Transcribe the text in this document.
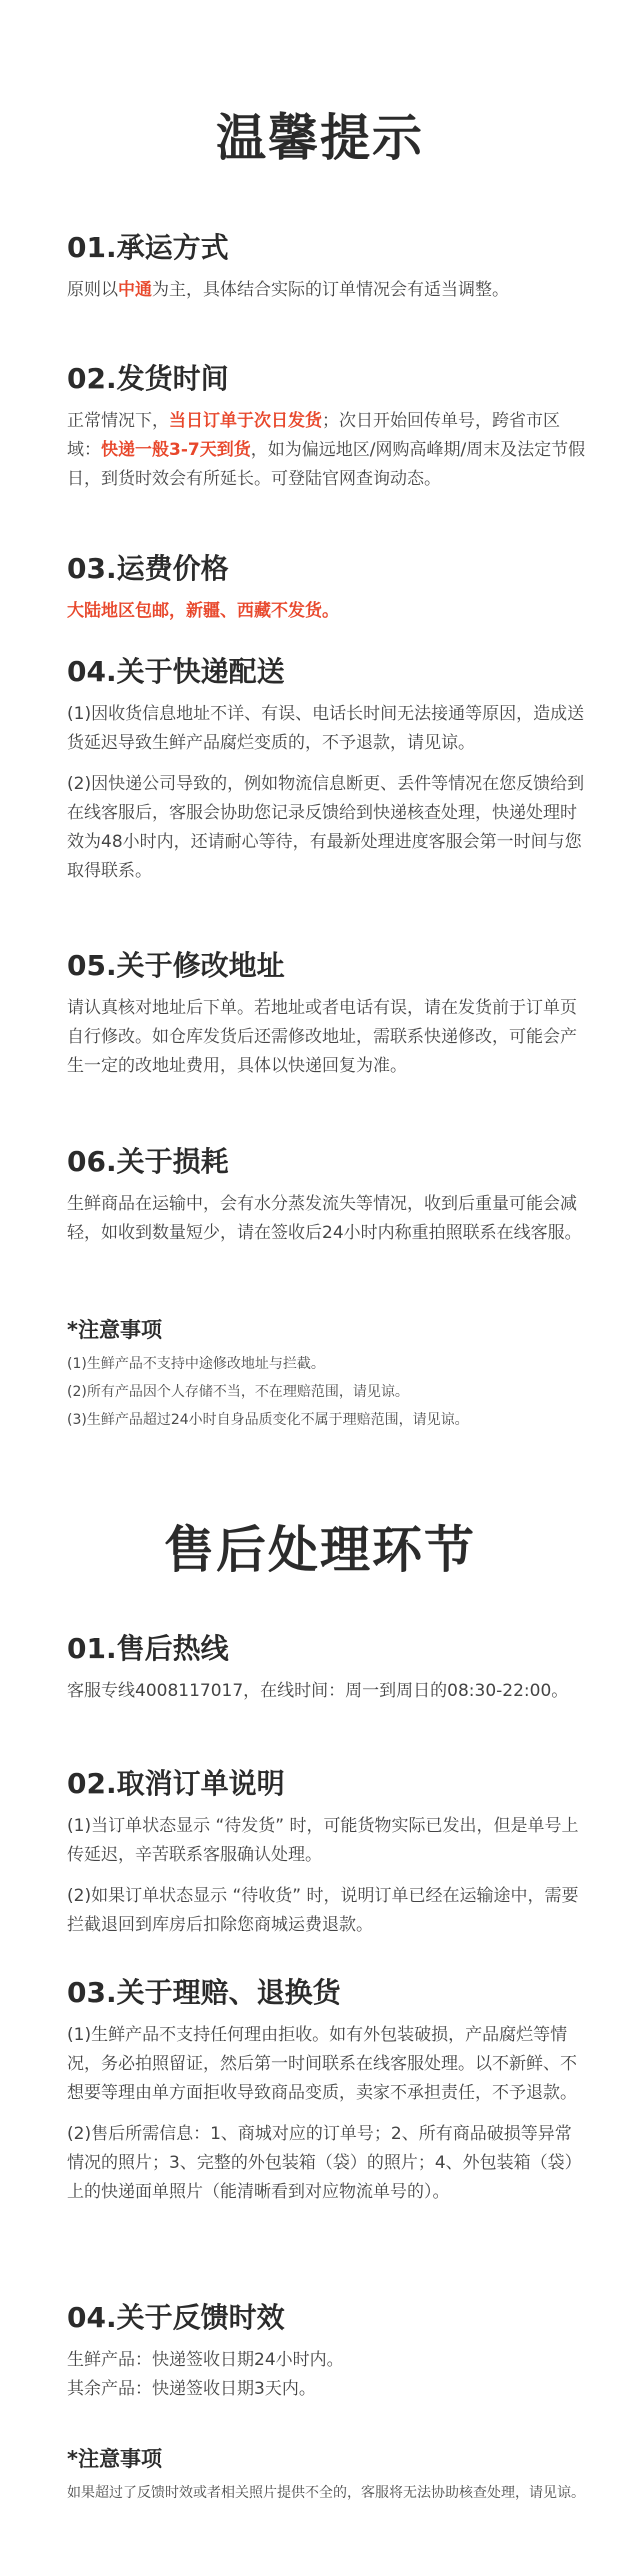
温馨提示
01.承运方式

原则以中通为主，具体结合实际的订单情况会有适当调整。

02.发货时间

正常情况下，当日订单于次日发货；次日开始回传单号，跨省市区域：快递一般3-7天到货，如为偏远地区/网购高峰期/周末及法定节假日，到货时效会有所延长。可登陆官网查询动态。

03.运费价格

大陆地区包邮，新疆、西藏不发货。

04.关于快递配送

(1)因收货信息地址不详、有误、电话长时间无法接通等原因，造成送货延迟导致生鲜产品腐烂变质的，不予退款，请见谅。

(2)因快递公司导致的，例如物流信息断更、丢件等情况在您反馈给到在线客服后，客服会协助您记录反馈给到快递核查处理，快递处理时效为48小时内，还请耐心等待，有最新处理进度客服会第一时间与您取得联系。

05.关于修改地址

请认真核对地址后下单。若地址或者电话有误，请在发货前于订单页自行修改。如仓库发货后还需修改地址，需联系快递修改，可能会产生一定的改地址费用，具体以快递回复为准。

06.关于损耗

生鲜商品在运输中，会有水分蒸发流失等情况，收到后重量可能会减轻，如收到数量短少，请在签收后24小时内称重拍照联系在线客服。

*注意事项

(1)生鲜产品不支持中途修改地址与拦截。

(2)所有产品因个人存储不当，不在理赔范围，请见谅。

(3)生鲜产品超过24小时自身品质变化不属于理赔范围，请见谅。

售后处理环节
01.售后热线

客服专线4008117017，在线时间：周一到周日的08:30-22:00。

02.取消订单说明

(1)当订单状态显示 “待发货” 时，可能货物实际已发出，但是单号上传延迟，辛苦联系客服确认处理。

(2)如果订单状态显示 “待收货” 时，说明订单已经在运输途中，需要拦截退回到库房后扣除您商城运费退款。

03.关于理赔、退换货

(1)生鲜产品不支持任何理由拒收。如有外包装破损，产品腐烂等情况，务必拍照留证，然后第一时间联系在线客服处理。以不新鲜、不想要等理由单方面拒收导致商品变质，卖家不承担责任，不予退款。

(2)售后所需信息：1、商城对应的订单号；2、所有商品破损等异常情况的照片；3、完整的外包装箱（袋）的照片；4、外包装箱（袋）上的快递面单照片（能清晰看到对应物流单号的）。

04.关于反馈时效

生鲜产品：快递签收日期24小时内。

其余产品：快递签收日期3天内。

*注意事项

如果超过了反馈时效或者相关照片提供不全的，客服将无法协助核查处理，请见谅。
